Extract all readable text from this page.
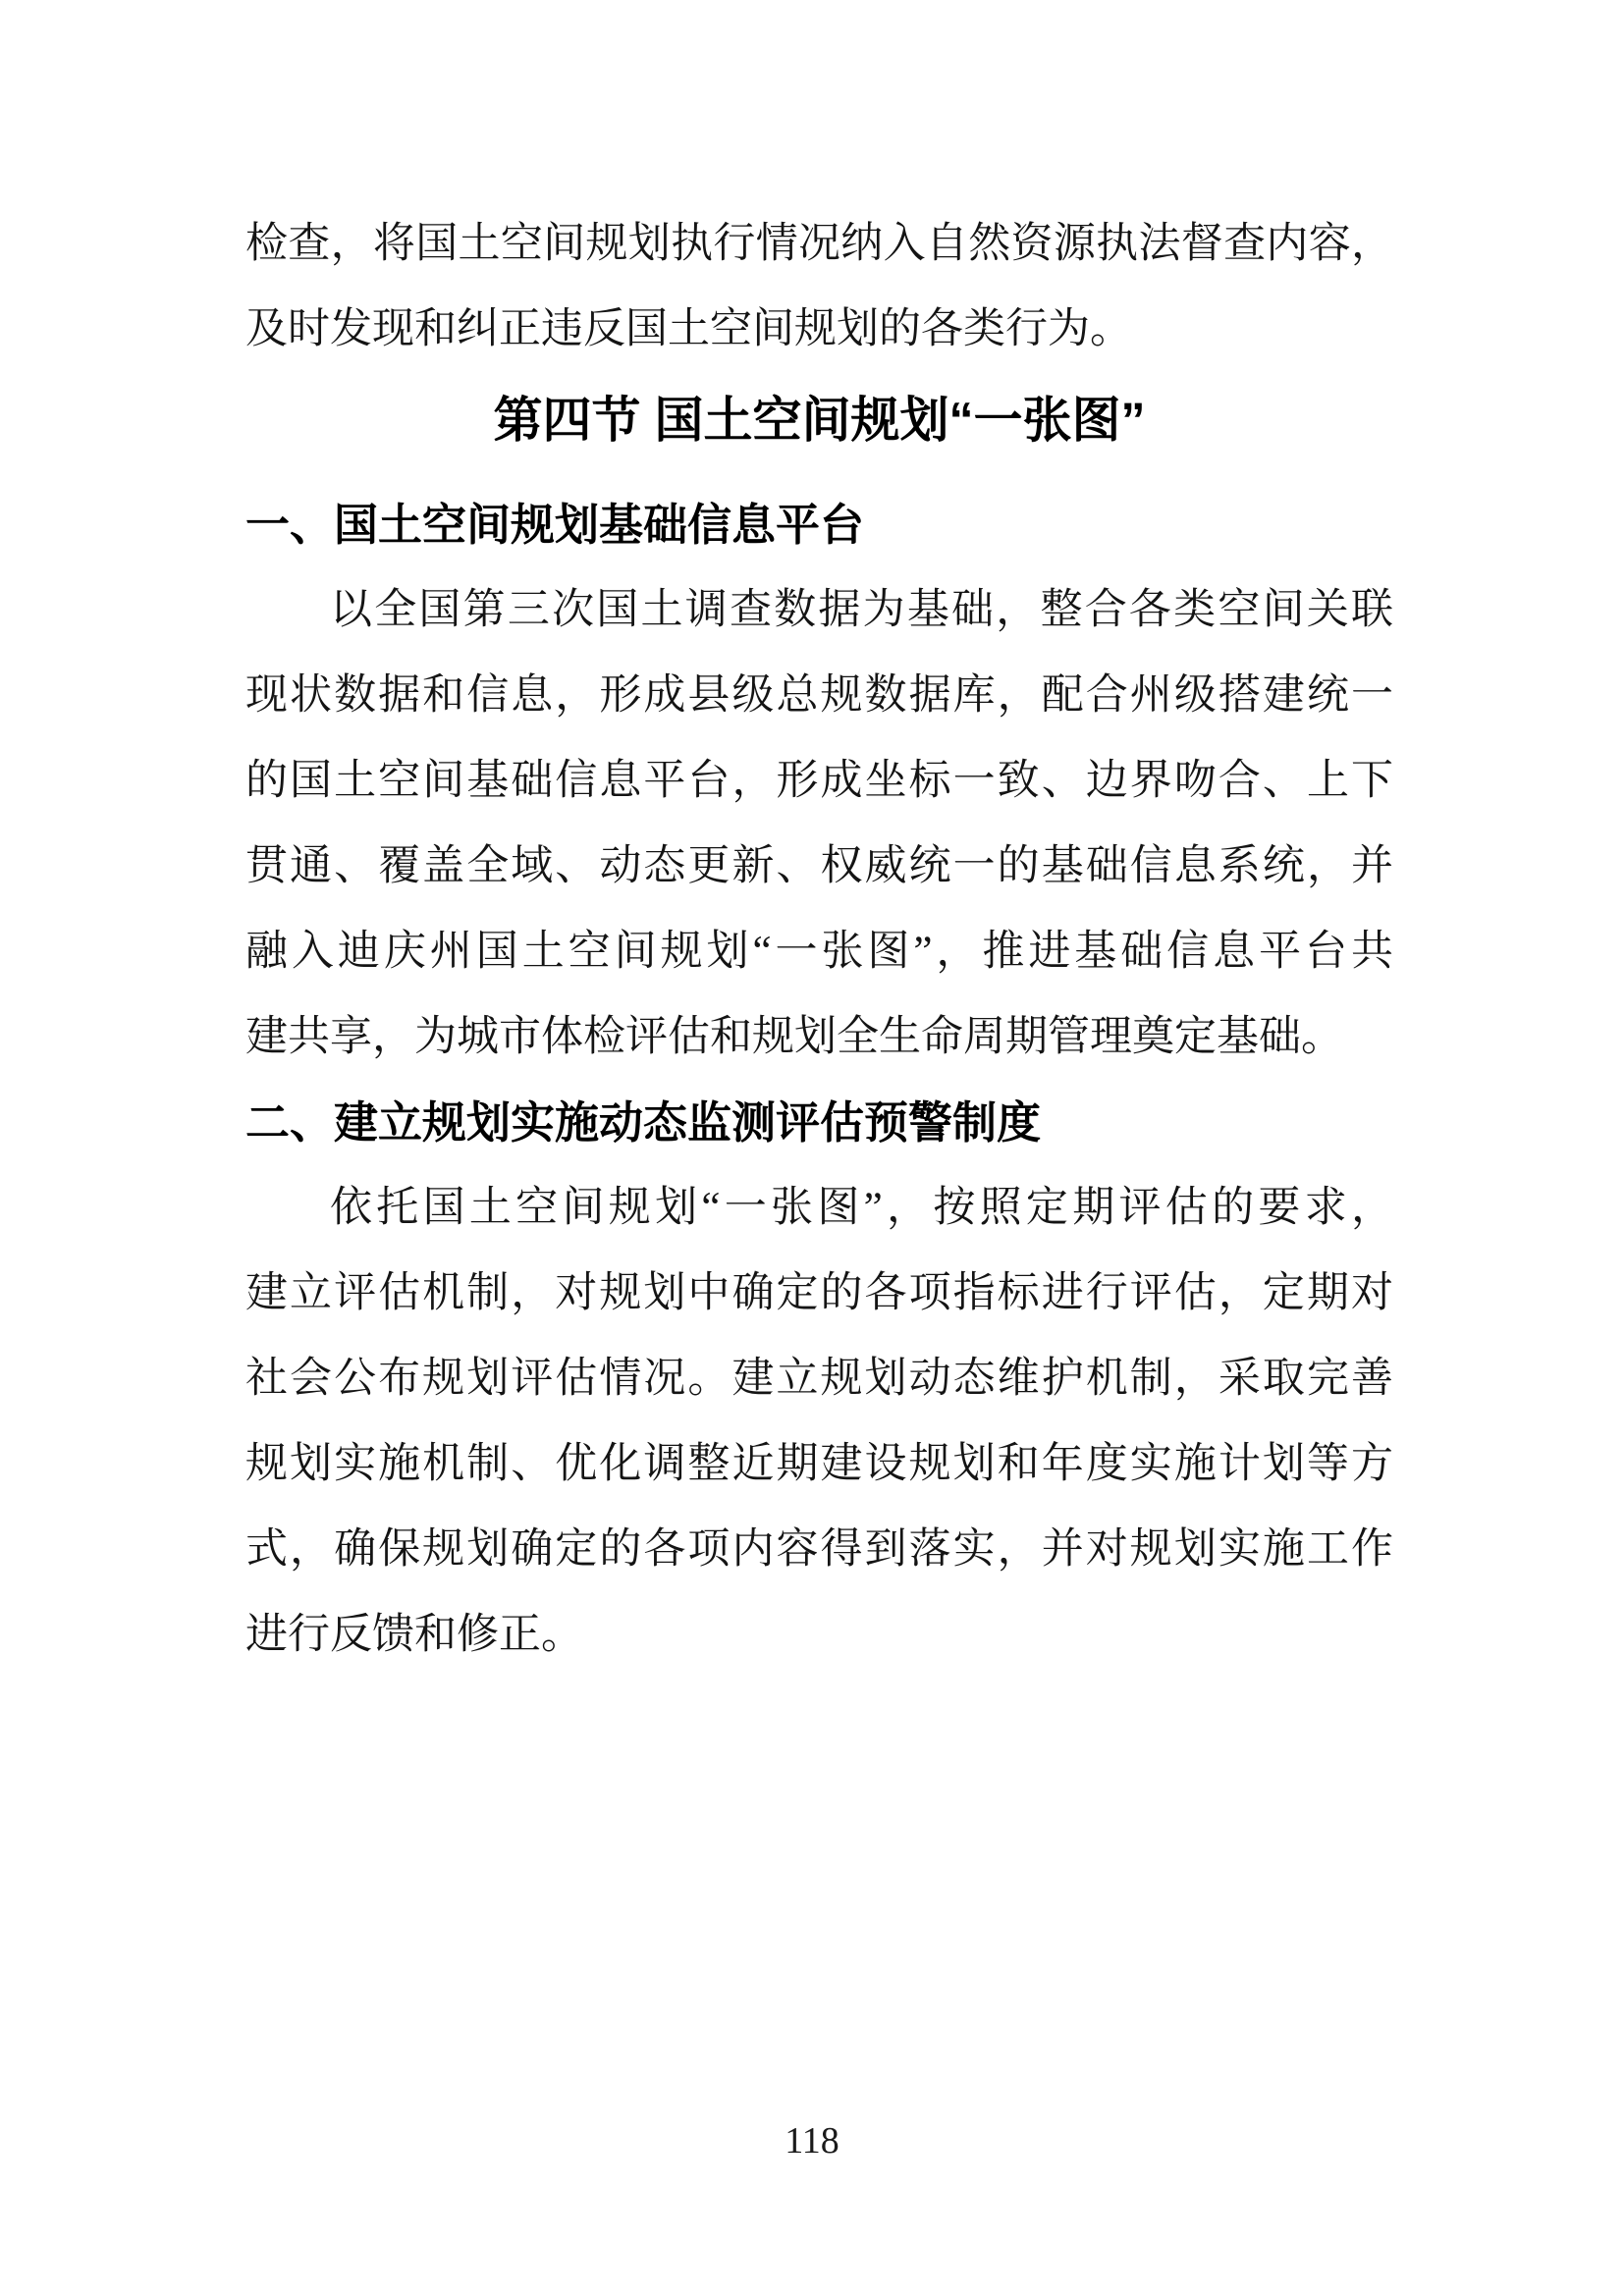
检查，将国土空间规划执行情况纳入自然资源执法督查内容，
及时发现和纠正违反国土空间规划的各类行为。

第四节 国土空间规划“一张图”
一、国土空间规划基础信息平台

以全国第三次国土调查数据为基础，整合各类空间关联
现状数据和信息，形成县级总规数据库，配合州级搭建统一
的国土空间基础信息平台，形成坐标一致、边界吻合、上下
贯通、覆盖全域、动态更新、权威统一的基础信息系统，并
融入迪庆州国土空间规划“一张图”，推进基础信息平台共
建共享，为城市体检评估和规划全生命周期管理奠定基础。

二、建立规划实施动态监测评估预警制度

依托国土空间规划“一张图”，按照定期评估的要求，
建立评估机制，对规划中确定的各项指标进行评估，定期对
社会公布规划评估情况。建立规划动态维护机制，采取完善
规划实施机制、优化调整近期建设规划和年度实施计划等方
式，确保规划确定的各项内容得到落实，并对规划实施工作
进行反馈和修正。

118
